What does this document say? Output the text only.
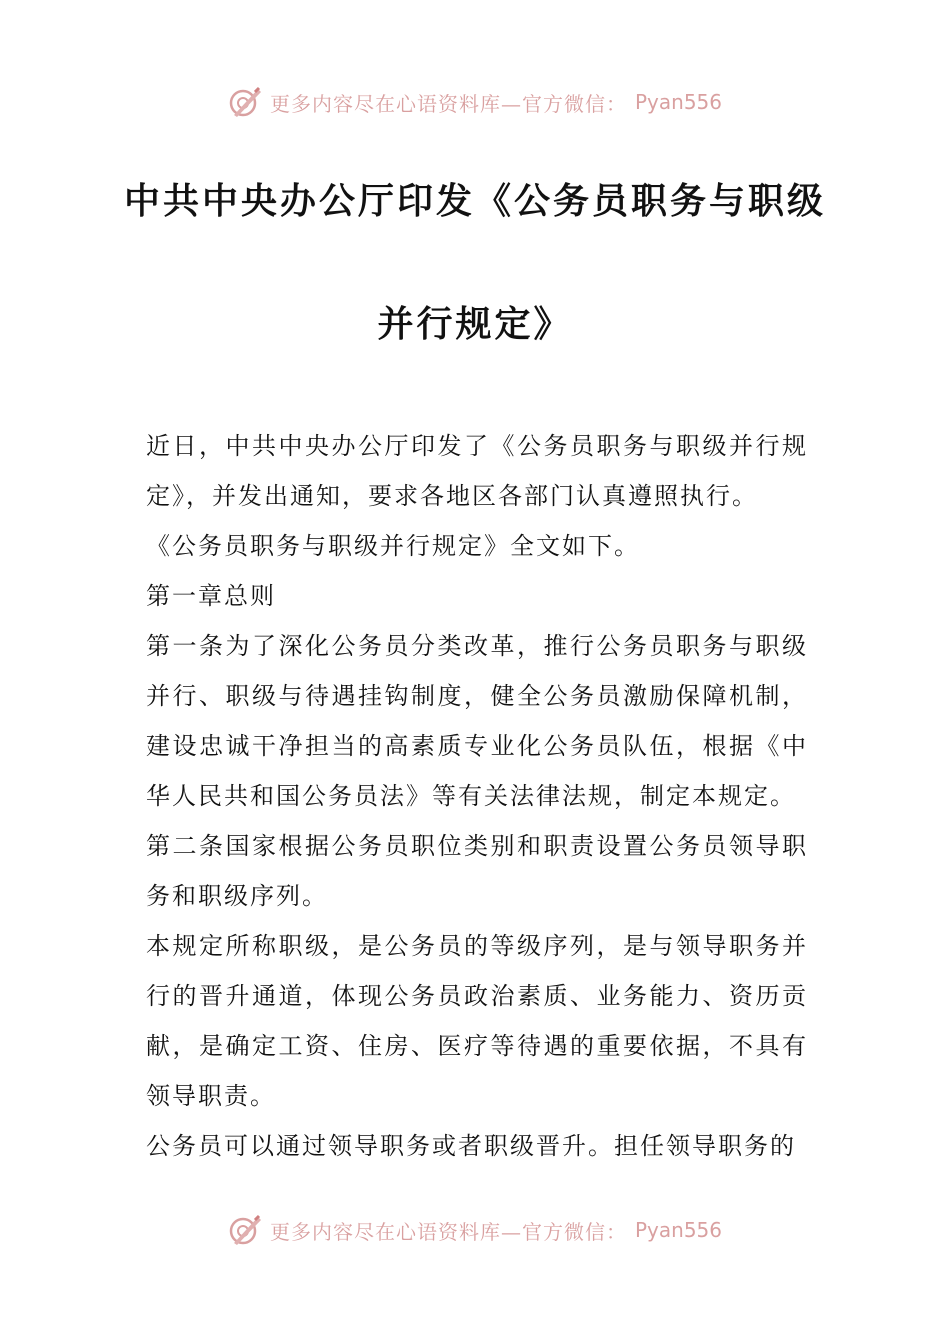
更多内容尽在心语资料库—官方微信： Pyan556
中共中央办公厅印发《公务员职务与职级
并行规定》

近日，中共中央办公厅印发了《公务员职务与职级并行规定》，并发出通知，要求各地区各部门认真遵照执行。

《公务员职务与职级并行规定》全文如下。

第一章总则

第一条为了深化公务员分类改革，推行公务员职务与职级并行、职级与待遇挂钩制度，健全公务员激励保障机制，建设忠诚干净担当的高素质专业化公务员队伍，根据《中华人民共和国公务员法》等有关法律法规，制定本规定。

第二条国家根据公务员职位类别和职责设置公务员领导职务和职级序列。

本规定所称职级，是公务员的等级序列，是与领导职务并行的晋升通道，体现公务员政治素质、业务能力、资历贡献，是确定工资、住房、医疗等待遇的重要依据，不具有领导职责。

公务员可以通过领导职务或者职级晋升。担任领导职务的

更多内容尽在心语资料库—官方微信： Pyan556
